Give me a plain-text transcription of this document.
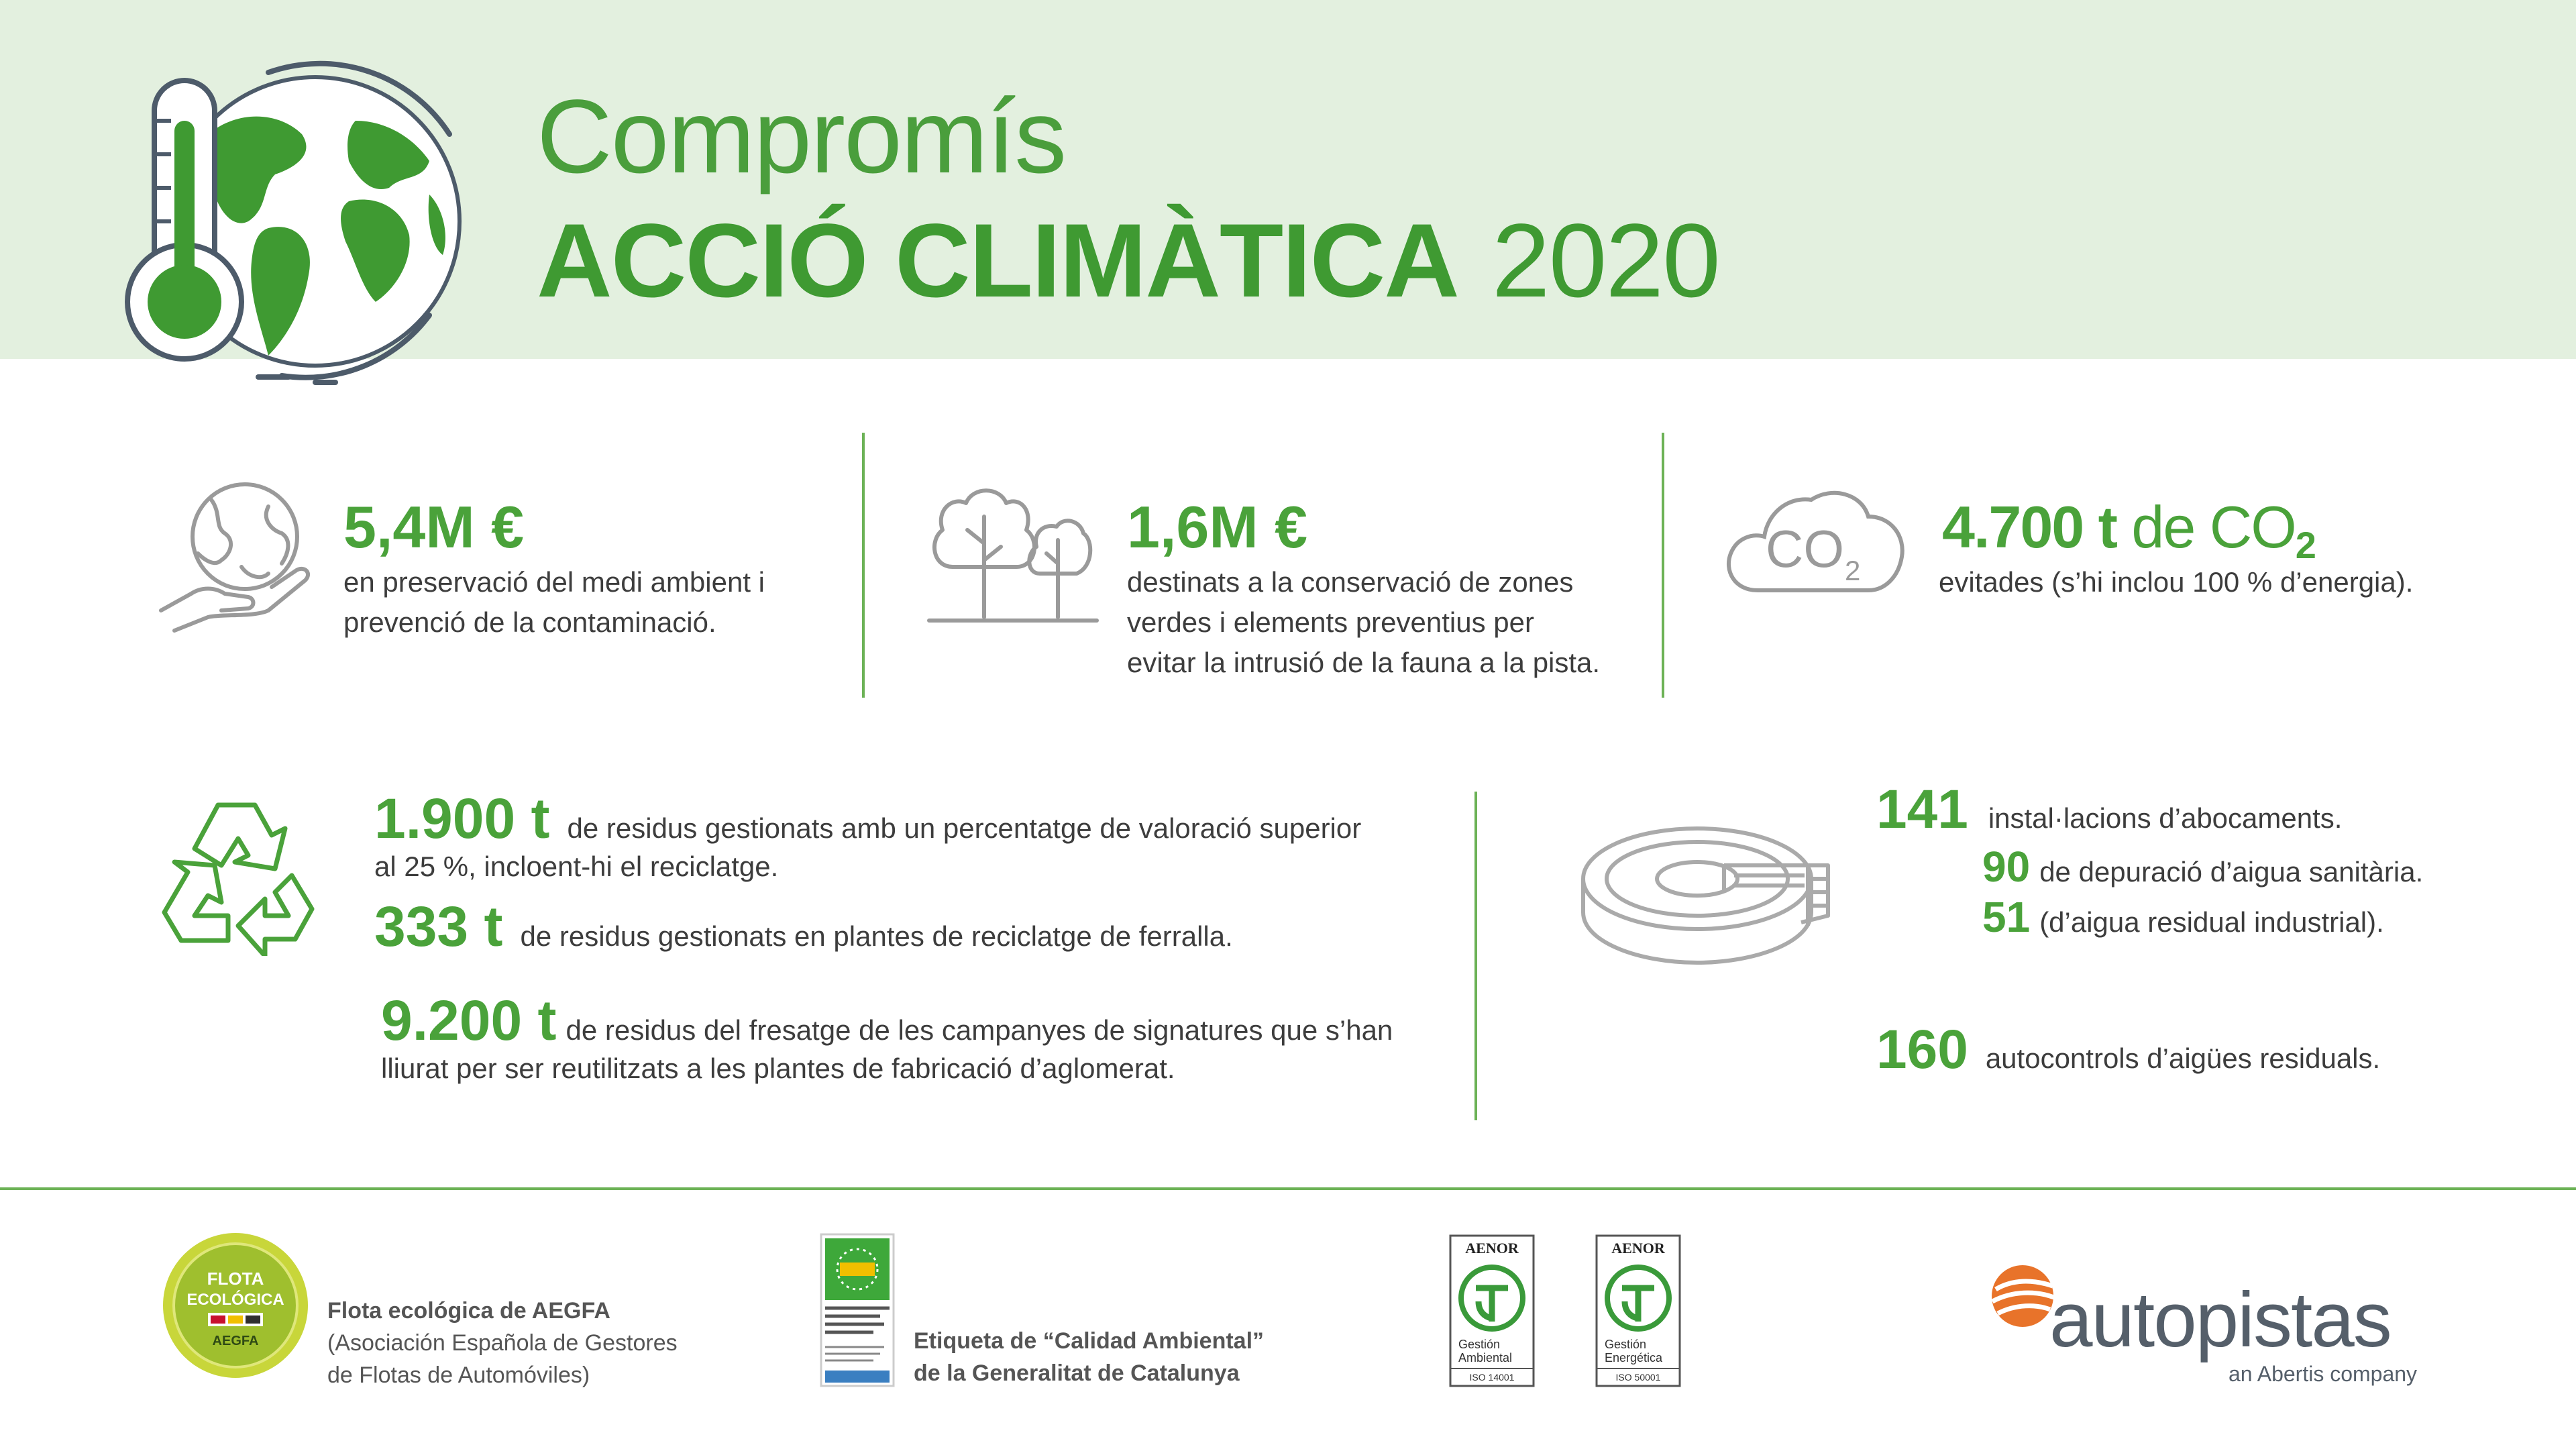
Compromís
ACCIÓ CLIMÀTICA 2020
5,4M €
en preservació del medi ambient i
prevenció de la contaminació.
1,6M €
destinats a la conservació de zones
verdes i elements preventius per
evitar la intrusió de la fauna a la pista.
CO 2
4.700 t de CO2
evitades (s’hi inclou 100 % d’energia).
1.900 t de residus gestionats amb un percentatge de valoració superior
al 25 %, incloent-hi el reciclatge.
333 t de residus gestionats en plantes de reciclatge de ferralla.
9.200 t de residus del fresatge de les campanyes de signatures que s’han
lliurat per ser reutilitzats a les plantes de fabricació d’aglomerat.
141 instal·lacions d’abocaments.
90 de depuració d’aigua sanitària.
51 (d’aigua residual industrial).
160 autocontrols d’aigües residuals.
FLOTA
ECOLÓGICA
AEGFA
Flota ecológica de AEGFA
(Asociación Española de Gestores
de Flotas de Automóviles)
Etiqueta de “Calidad Ambiental”
de la Generalitat de Catalunya
AENOR
Gestión
Ambiental
ISO 14001
AENOR
Gestión
Energética
ISO 50001
autopistas
an Abertis company
